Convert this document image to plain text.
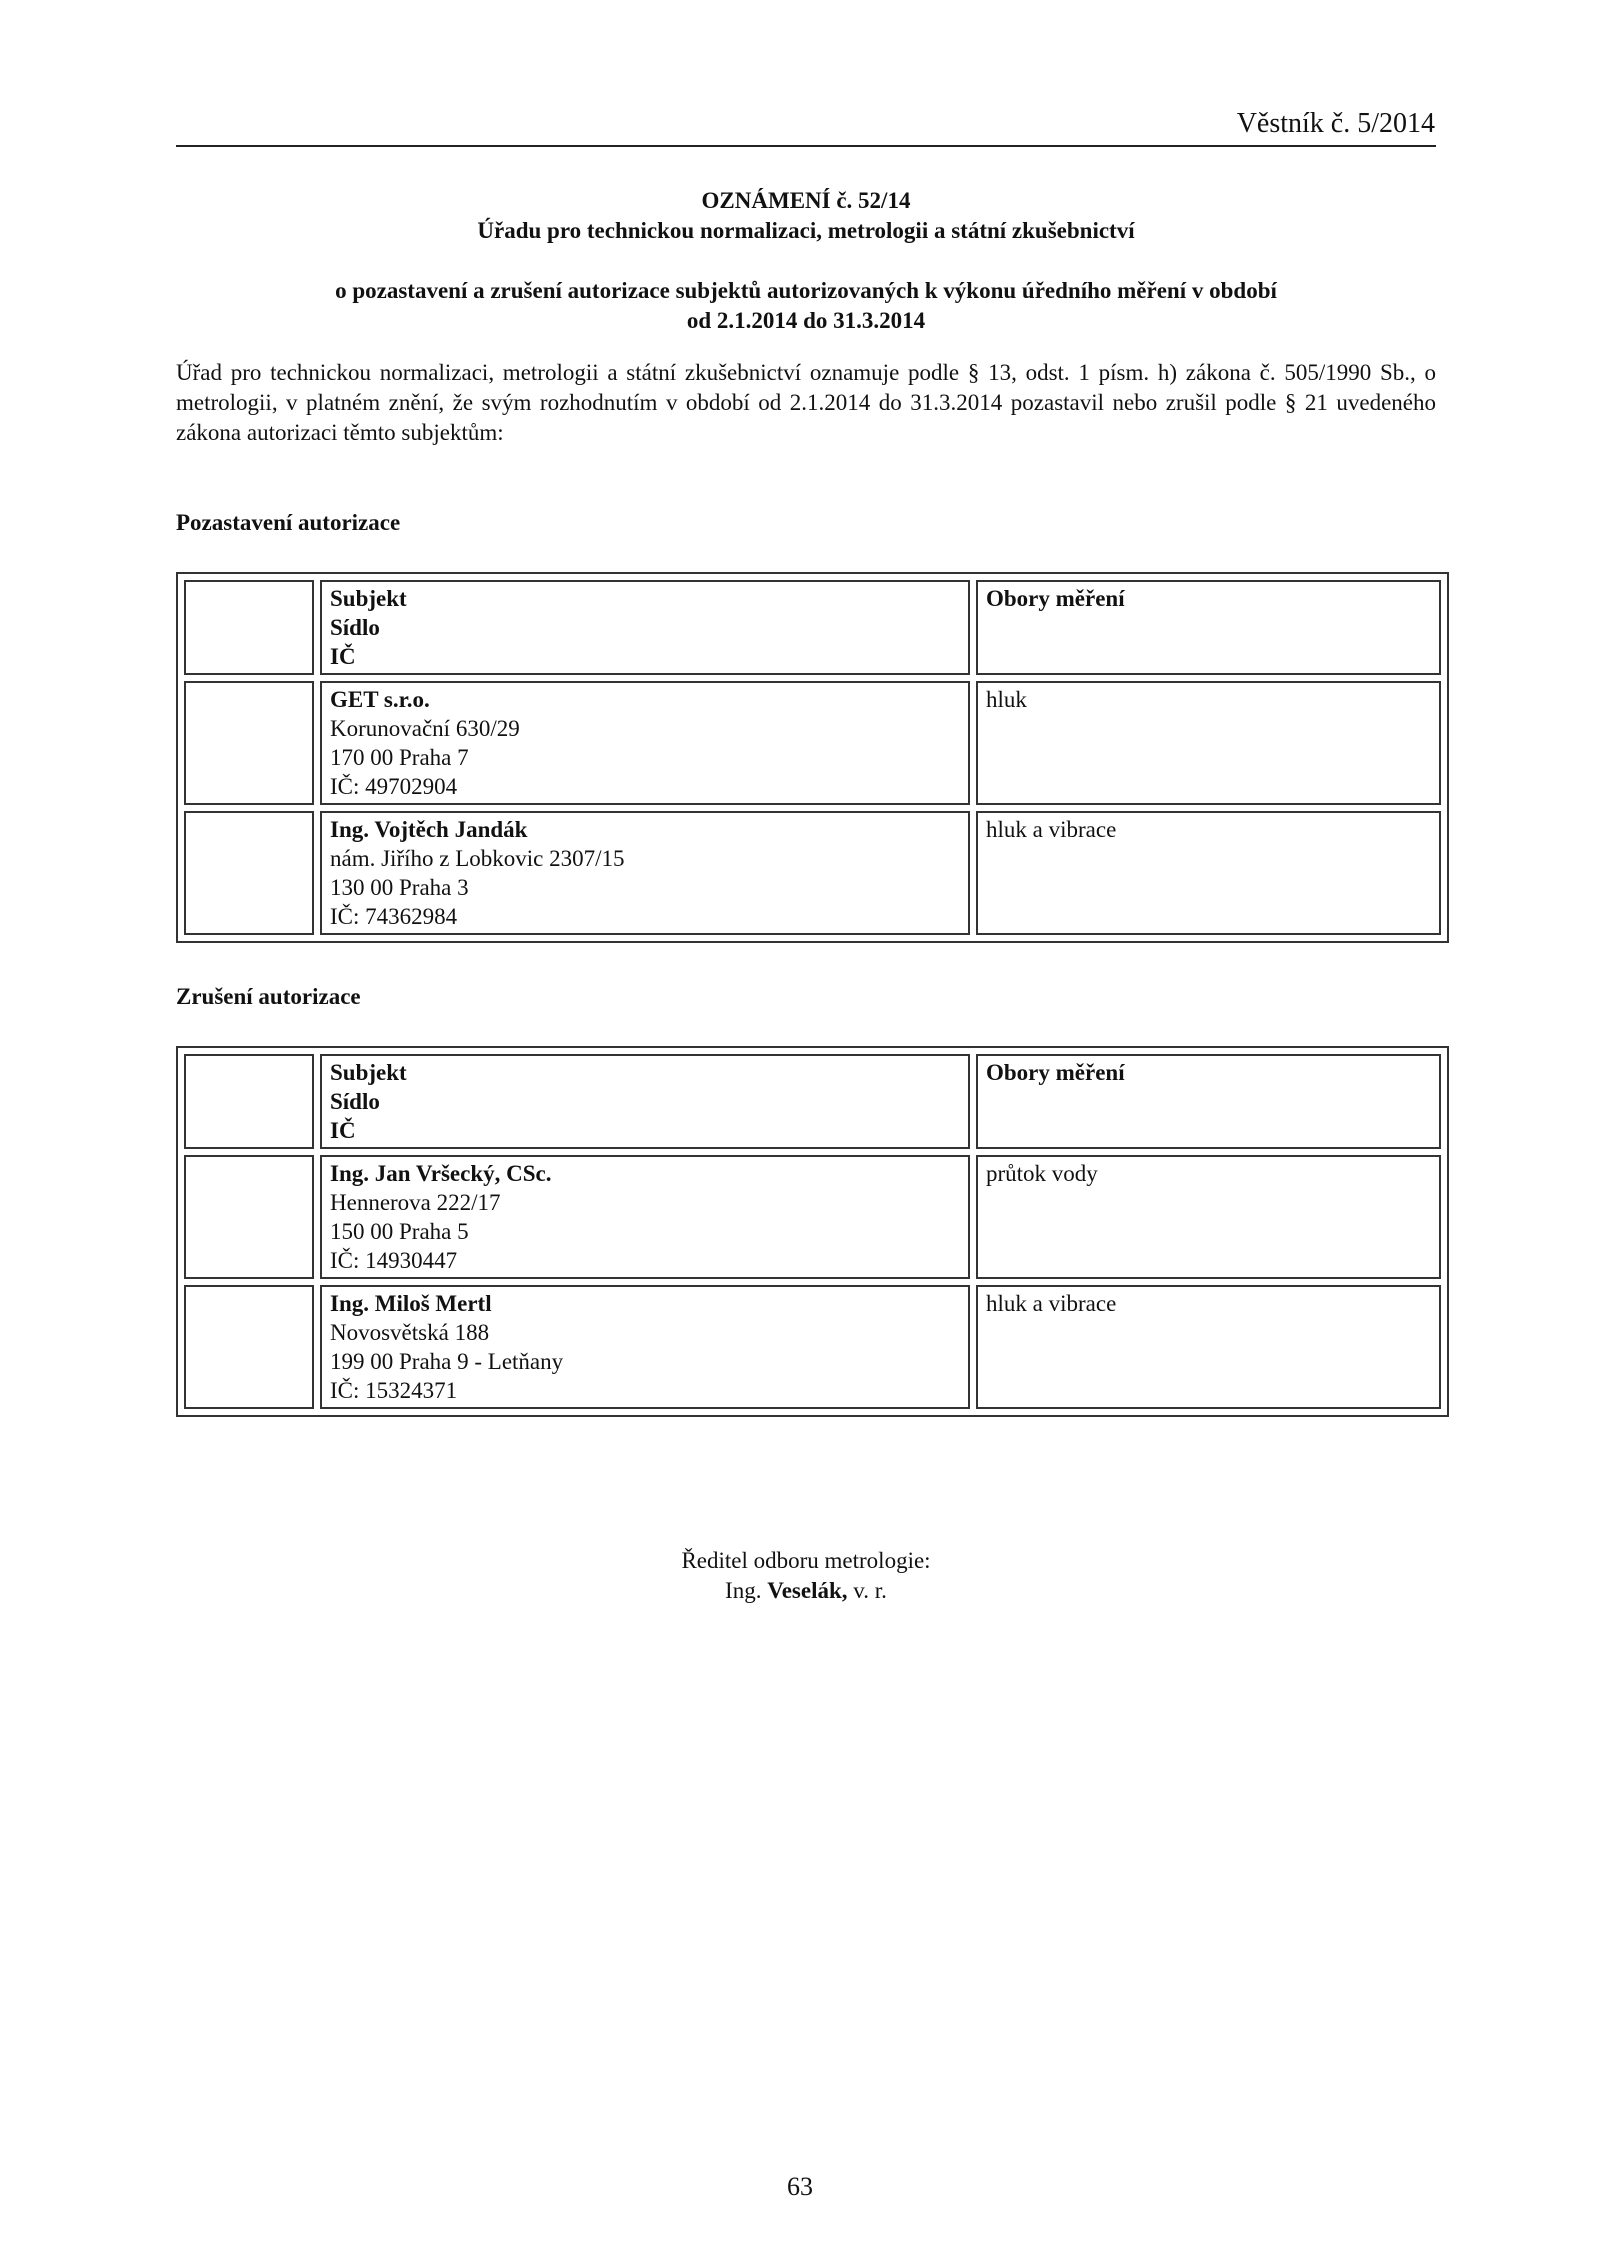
Věstník č. 5/2014
OZNÁMENÍ č. 52/14
Úřadu pro technickou normalizaci, metrologii a státní zkušebnictví
o pozastavení a zrušení autorizace subjektů autorizovaných k výkonu úředního měření v období
od 2.1.2014 do 31.3.2014
Úřad pro technickou normalizaci, metrologii a státní zkušebnictví oznamuje podle § 13, odst. 1 písm. h) zákona č. 505/1990 Sb., o metrologii, v platném znění, že svým rozhodnutím v období od 2.1.2014 do 31.3.2014 pozastavil nebo zrušil podle § 21 uvedeného zákona autorizaci těmto subjektům:
Pozastavení autorizace

	Subjekt
Sídlo
IČ	Obory měření

	GET s.r.o.
Korunovační 630/29
170 00 Praha 7
IČ: 49702904	hluk

	Ing. Vojtěch Jandák
nám. Jiřího z Lobkovic 2307/15
130 00 Praha 3
IČ: 74362984	hluk a vibrace
Zrušení autorizace

	Subjekt
Sídlo
IČ	Obory měření

	Ing. Jan Vršecký, CSc.
Hennerova 222/17
150 00 Praha 5
IČ: 14930447	průtok vody

	Ing. Miloš Mertl
Novosvětská 188
199 00 Praha 9 - Letňany
IČ: 15324371	hluk a vibrace
Ředitel odboru metrologie:
Ing. Veselák, v. r.
63
